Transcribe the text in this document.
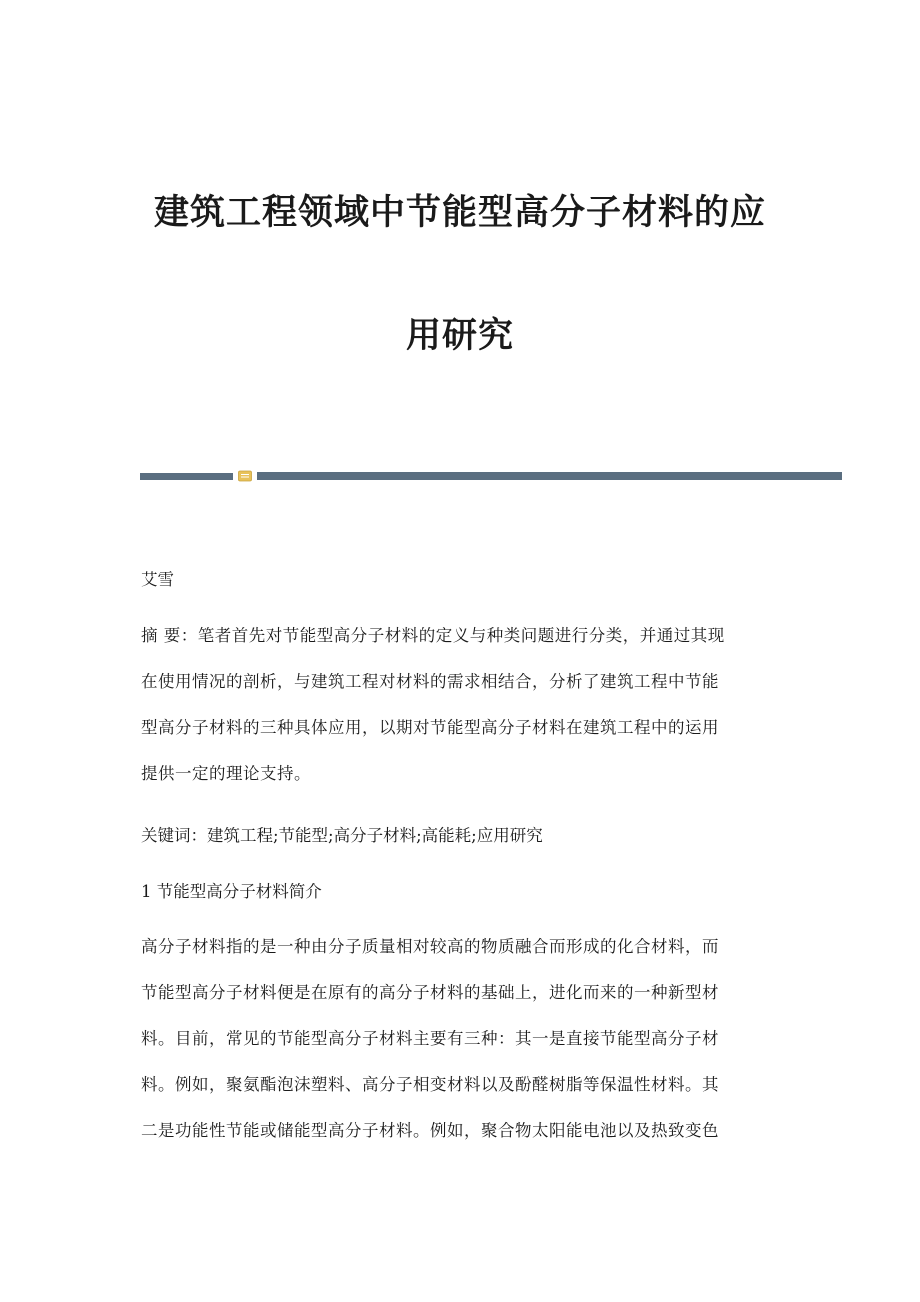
建筑工程领域中节能型高分子材料的应
用研究

艾雪

摘 要：笔者首先对节能型高分子材料的定义与种类问题进行分类，并通过其现
在使用情况的剖析，与建筑工程对材料的需求相结合，分析了建筑工程中节能
型高分子材料的三种具体应用，以期对节能型高分子材料在建筑工程中的运用
提供一定的理论支持。

关键词：建筑工程;节能型;高分子材料;高能耗;应用研究

1 节能型高分子材料简介

高分子材料指的是一种由分子质量相对较高的物质融合而形成的化合材料，而
节能型高分子材料便是在原有的高分子材料的基础上，进化而来的一种新型材
料。目前，常见的节能型高分子材料主要有三种：其一是直接节能型高分子材
料。例如，聚氨酯泡沫塑料、高分子相变材料以及酚醛树脂等保温性材料。其
二是功能性节能或储能型高分子材料。例如，聚合物太阳能电池以及热致变色
